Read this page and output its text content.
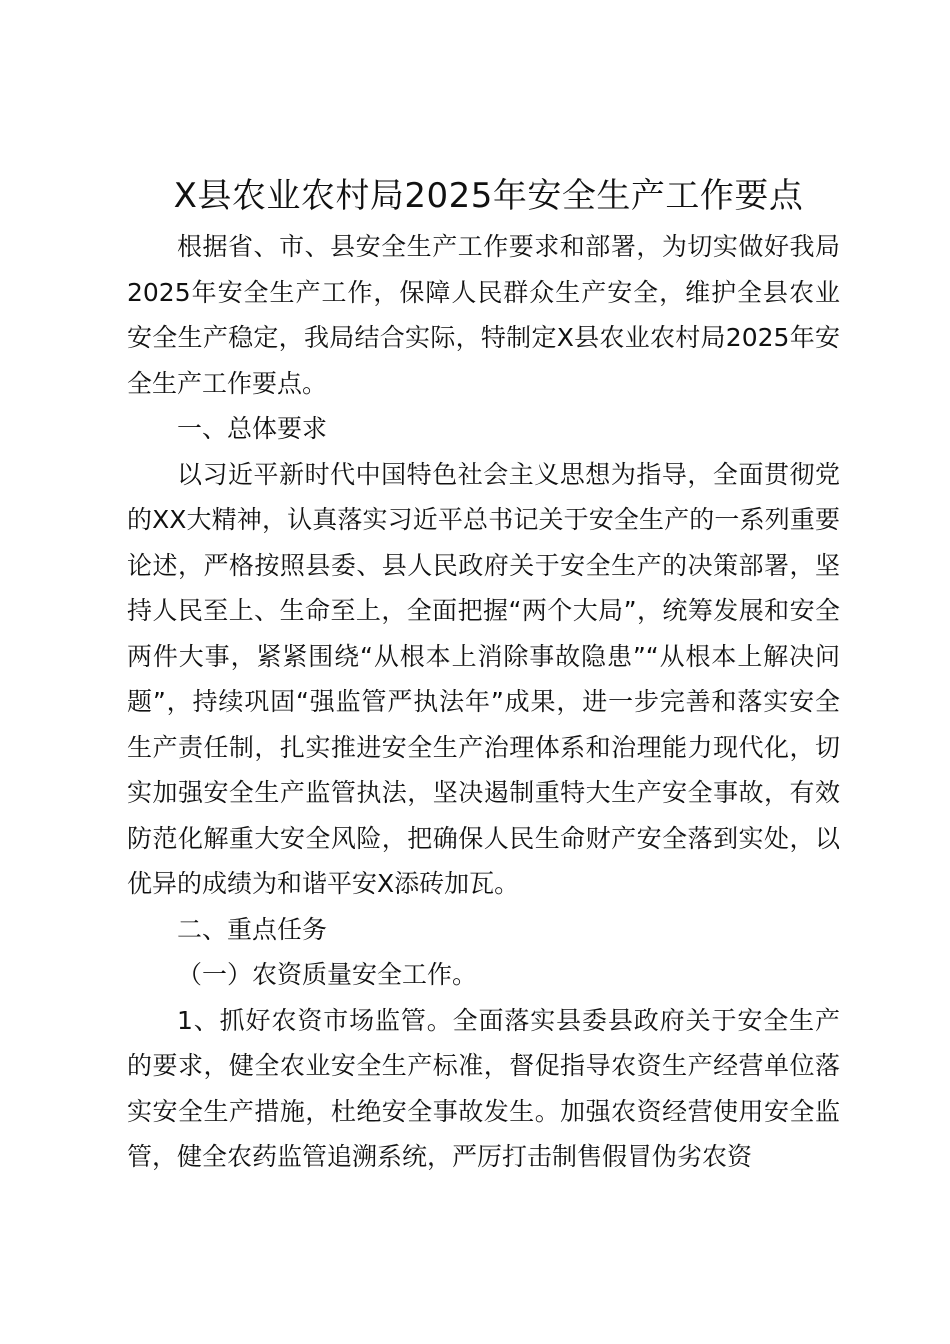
X县农业农村局2025年安全生产工作要点

根据省、市、县安全生产工作要求和部署，为切实做好我局2025年安全生产工作，保障人民群众生产安全，维护全县农业安全生产稳定，我局结合实际，特制定X县农业农村局2025年安全生产工作要点。

一、总体要求

以习近平新时代中国特色社会主义思想为指导，全面贯彻党的XX大精神，认真落实习近平总书记关于安全生产的一系列重要论述，严格按照县委、县人民政府关于安全生产的决策部署，坚持人民至上、生命至上，全面把握“两个大局”，统筹发展和安全两件大事，紧紧围绕“从根本上消除事故隐患”“从根本上解决问题”，持续巩固“强监管严执法年”成果，进一步完善和落实安全生产责任制，扎实推进安全生产治理体系和治理能力现代化，切实加强安全生产监管执法，坚决遏制重特大生产安全事故，有效防范化解重大安全风险，把确保人民生命财产安全落到实处，以优异的成绩为和谐平安X添砖加瓦。

二、重点任务

（一）农资质量安全工作。

1、抓好农资市场监管。全面落实县委县政府关于安全生产的要求，健全农业安全生产标准，督促指导农资生产经营单位落实安全生产措施，杜绝安全事故发生。加强农资经营使用安全监管，健全农药监管追溯系统，严厉打击制售假冒伪劣农资
